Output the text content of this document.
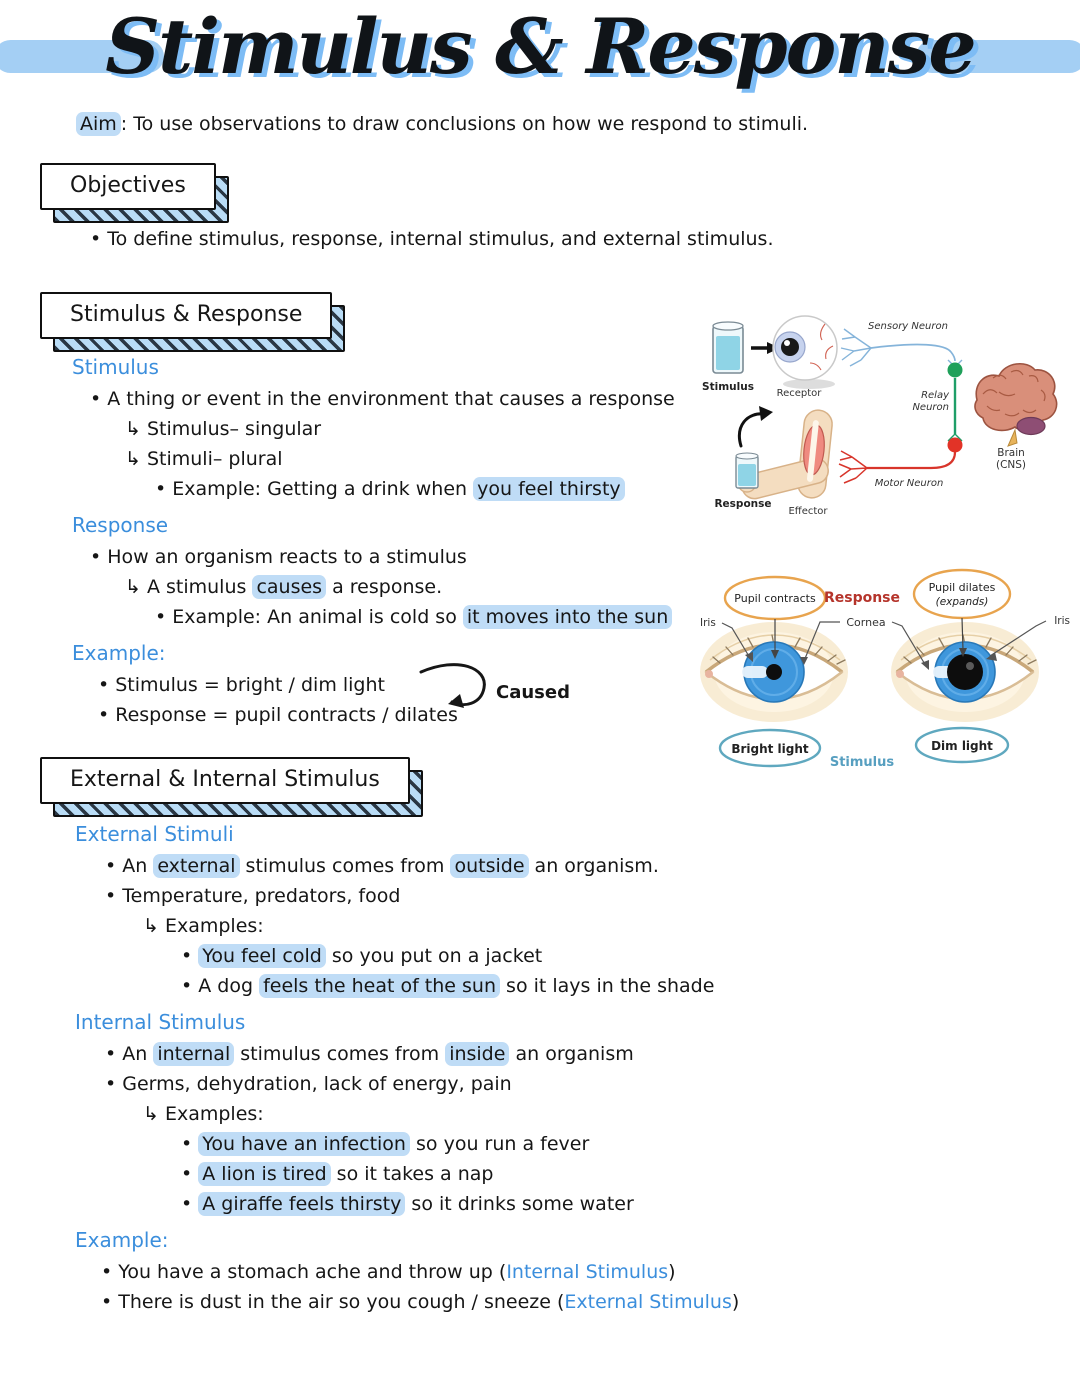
Stimulus & Response
Aim : To use observations to draw conclusions on how we respond to stimuli.
Objectives
• To define stimulus, response, internal stimulus, and external stimulus.
Stimulus & Response
Stimulus
• A thing or event in the environment that causes a response
↳ Stimulus– singular
↳ Stimuli– plural
• Example: Getting a drink when you feel thirsty
Response
• How an organism reacts to a stimulus
↳ A stimulus causes a response.
• Example: An animal is cold so it moves into the sun
Example:
• Stimulus = bright / dim light
• Response = pupil contracts / dilates
Caused
Stimulus
Receptor
Sensory Neuron
Relay
Neuron
Motor Neuron
Brain
(CNS)
Response
Effector
Pupil contracts
Pupil dilates
(expands)
Response
Cornea
Iris	Iris
Bright light	Dim light
Stimulus
External & Internal Stimulus
External Stimuli
• An external stimulus comes from outside an organism.
• Temperature, predators, food
↳ Examples:
• You feel cold so you put on a jacket
• A dog feels the heat of the sun so it lays in the shade
Internal Stimulus
• An internal stimulus comes from inside an organism
• Germs, dehydration, lack of energy, pain
↳ Examples:
• You have an infection so you run a fever
• A lion is tired so it takes a nap
• A giraffe feels thirsty so it drinks some water
Example:
• You have a stomach ache and throw up (Internal Stimulus)
• There is dust in the air so you cough / sneeze (External Stimulus)
